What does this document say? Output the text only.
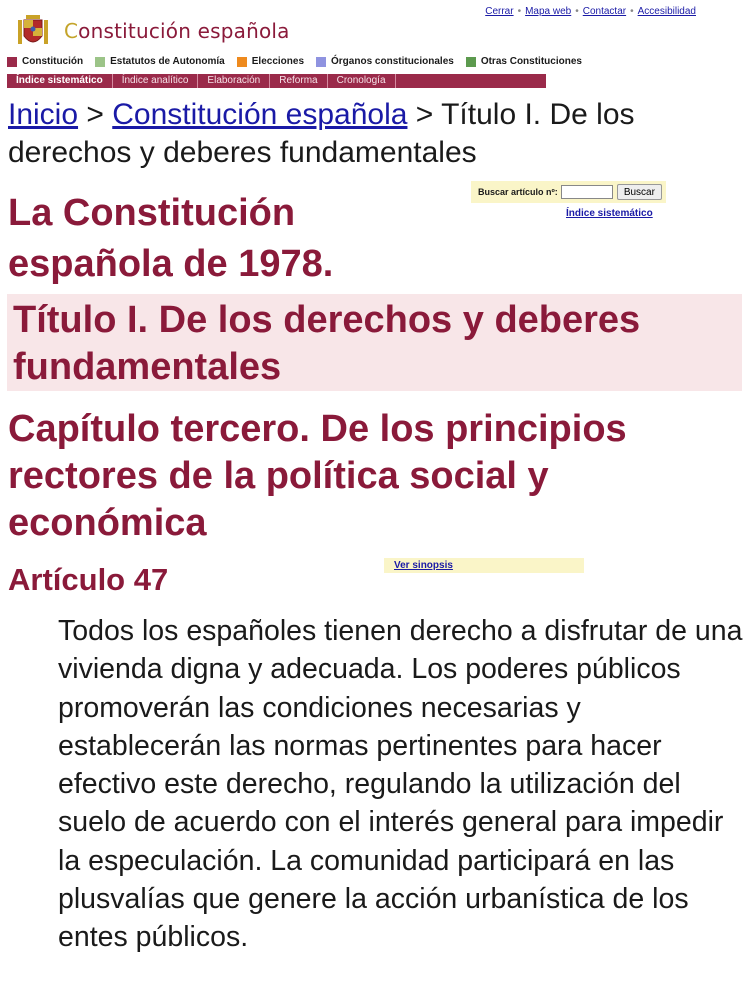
Cerrar • Mapa web • Contactar • Accesibilidad
Constitución española
Constitución	Estatutos de Autonomía	Elecciones	Órganos constitucionales	Otras Constituciones
Índice sistemático	Índice analítico	Elaboración	Reforma	Cronología
Inicio > Constitución española > Título I. De los derechos y deberes fundamentales
La Constitución española de 1978.
Buscar artículo nº:	Buscar
Índice sistemático
Título I. De los derechos y deberes fundamentales
Capítulo tercero. De los principios rectores de la política social y económica
Artículo 47	Ver sinopsis

Todos los españoles tienen derecho a disfrutar de una vivienda digna y adecuada. Los poderes públicos promoverán las condiciones necesarias y establecerán las normas pertinentes para hacer efectivo este derecho, regulando la utilización del suelo de acuerdo con el interés general para impedir la especulación. La comunidad participará en las plusvalías que genere la acción urbanística de los entes públicos.
